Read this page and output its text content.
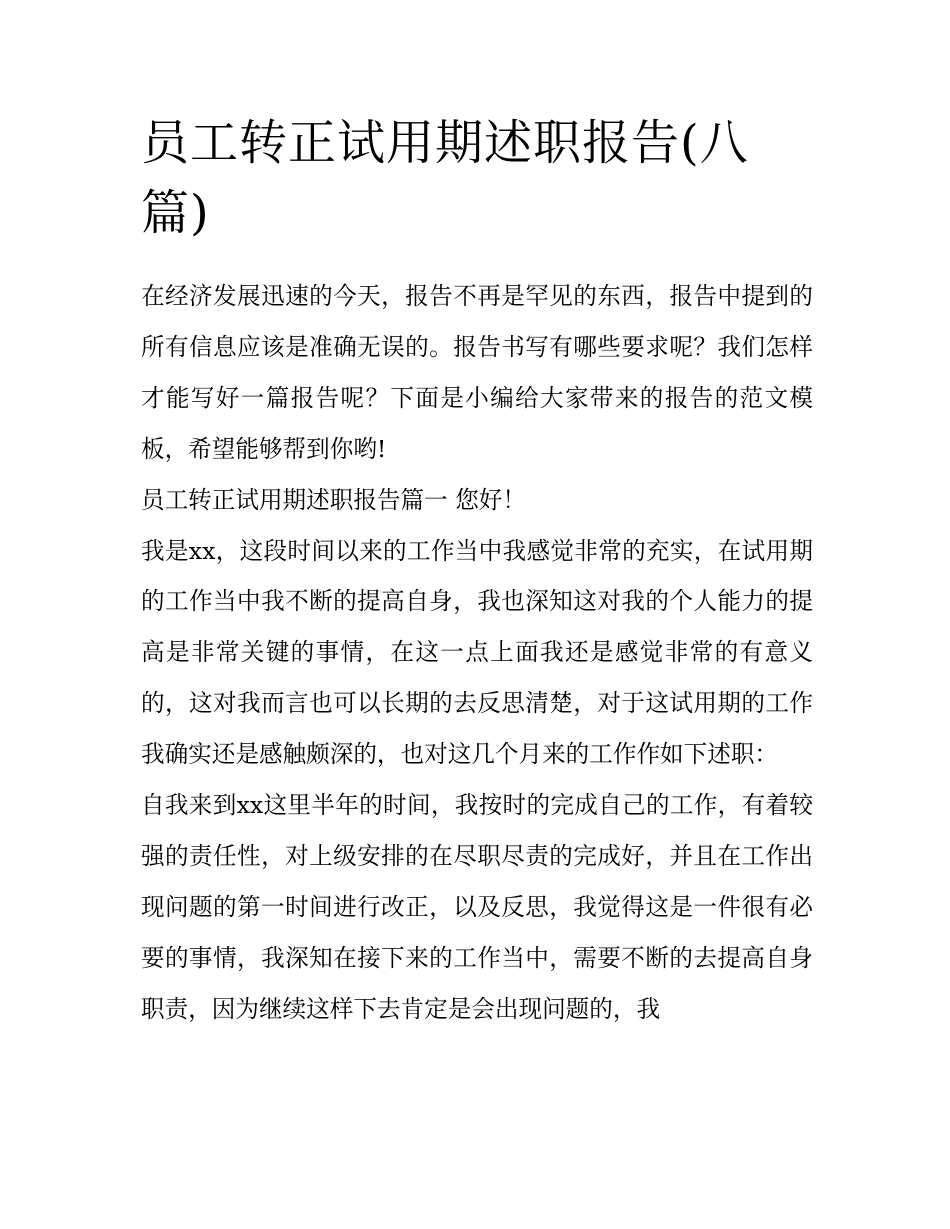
员工转正试用期述职报告(八篇)

在经济发展迅速的今天，报告不再是罕见的东西，报告中提到的所有信息应该是准确无误的。报告书写有哪些要求呢？我们怎样才能写好一篇报告呢？下面是小编给大家带来的报告的范文模板，希望能够帮到你哟!

员工转正试用期述职报告篇一 您好！

我是xx，这段时间以来的工作当中我感觉非常的充实，在试用期的工作当中我不断的提高自身，我也深知这对我的个人能力的提高是非常关键的事情，在这一点上面我还是感觉非常的有意义的，这对我而言也可以长期的去反思清楚，对于这试用期的工作我确实还是感触颇深的，也对这几个月来的工作作如下述职：

自我来到xx这里半年的时间，我按时的完成自己的工作，有着较强的责任性，对上级安排的在尽职尽责的完成好，并且在工作出现问题的第一时间进行改正，以及反思，我觉得这是一件很有必要的事情，我深知在接下来的工作当中，需要不断的去提高自身职责，因为继续这样下去肯定是会出现问题的，我
